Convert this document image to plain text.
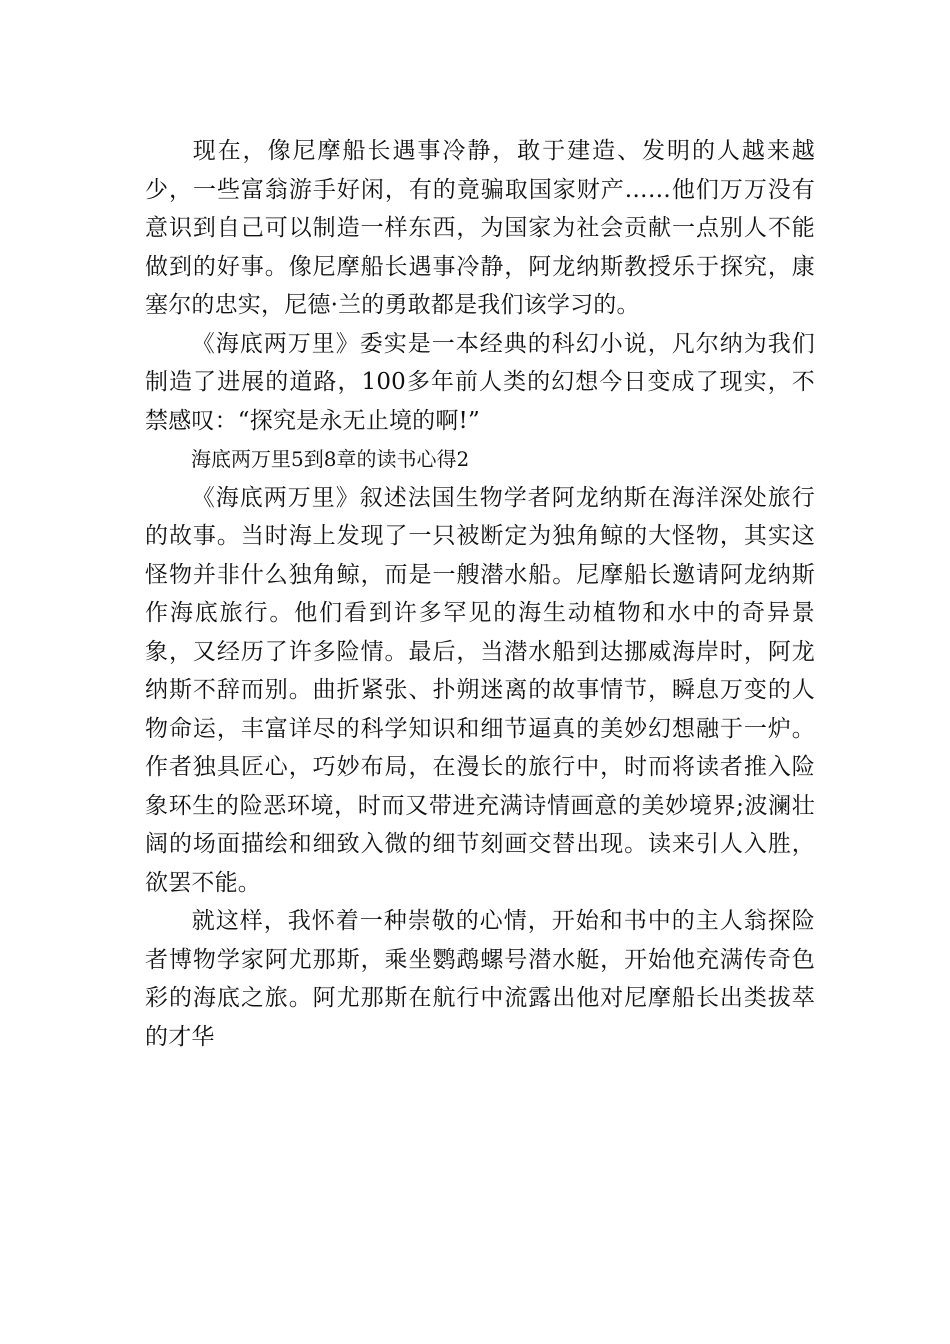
现在，像尼摩船长遇事冷静，敢于建造、发明的人越来越少，一些富翁游手好闲，有的竟骗取国家财产……他们万万没有意识到自己可以制造一样东西，为国家为社会贡献一点别人不能做到的好事。像尼摩船长遇事冷静，阿龙纳斯教授乐于探究，康塞尔的忠实，尼德·兰的勇敢都是我们该学习的。

《海底两万里》委实是一本经典的科幻小说，凡尔纳为我们制造了进展的道路，100多年前人类的幻想今日变成了现实，不禁感叹：“探究是永无止境的啊!”

海底两万里5到8章的读书心得2

《海底两万里》叙述法国生物学者阿龙纳斯在海洋深处旅行的故事。当时海上发现了一只被断定为独角鲸的大怪物，其实这怪物并非什么独角鲸，而是一艘潜水船。尼摩船长邀请阿龙纳斯作海底旅行。他们看到许多罕见的海生动植物和水中的奇异景象，又经历了许多险情。最后，当潜水船到达挪威海岸时，阿龙纳斯不辞而别。曲折紧张、扑朔迷离的故事情节，瞬息万变的人物命运，丰富详尽的科学知识和细节逼真的美妙幻想融于一炉。作者独具匠心，巧妙布局，在漫长的旅行中，时而将读者推入险象环生的险恶环境，时而又带进充满诗情画意的美妙境界;波澜壮阔的场面描绘和细致入微的细节刻画交替出现。读来引人入胜，欲罢不能。

就这样，我怀着一种崇敬的心情，开始和书中的主人翁探险者博物学家阿尤那斯，乘坐鹦鹉螺号潜水艇，开始他充满传奇色彩的海底之旅。阿尤那斯在航行中流露出他对尼摩船长出类拔萃的才华
